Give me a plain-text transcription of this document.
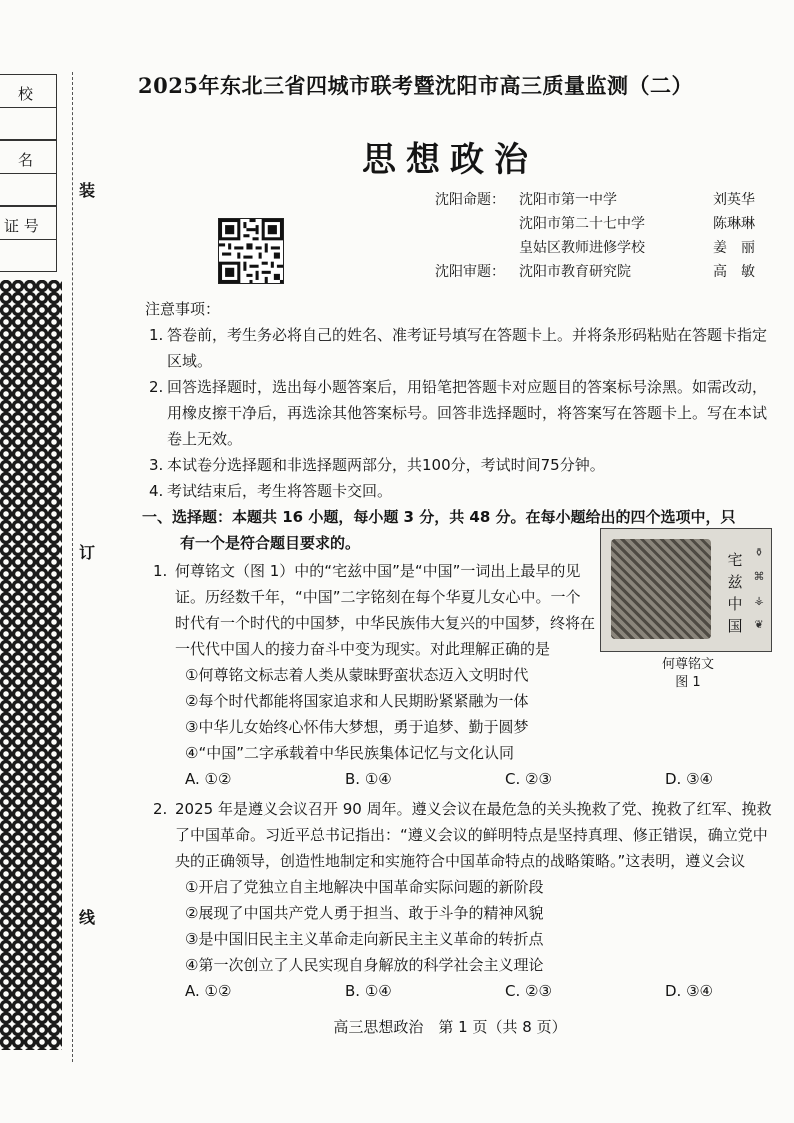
校
名
证 号
装
订
线
2025年东北三省四城市联考暨沈阳市高三质量监测（二）
思想政治
沈阳命题： 沈阳市第一中学	刘英华
沈阳市第二十七中学	陈琳琳
皇姑区教师进修学校	姜　丽
沈阳审题： 沈阳市教育研究院	高　敏
注意事项：
1. 答卷前，考生务必将自己的姓名、准考证号填写在答题卡上。并将条形码粘贴在答题卡指定区域。
2. 回答选择题时，选出每小题答案后，用铅笔把答题卡对应题目的答案标号涂黑。如需改动，用橡皮擦干净后，再选涂其他答案标号。回答非选择题时，将答案写在答题卡上。写在本试卷上无效。
3. 本试卷分选择题和非选择题两部分，共100分，考试时间75分钟。
4. 考试结束后，考生将答题卡交回。
一、选择题：本题共 16 小题，每小题 3 分，共 48 分。在每小题给出的四个选项中，只
有一个是符合题目要求的。
1. 何尊铭文（图 1）中的“宅兹中国”是“中国”一词出上最早的见证。历经数千年，“中国”二字铭刻在每个华夏儿女心中。一个时代有一个时代的中国梦，中华民族伟大复兴的中国梦，终将在一代代中国人的接力奋斗中变为现实。对此理解正确的是
①何尊铭文标志着人类从蒙昧野蛮状态迈入文明时代
②每个时代都能将国家追求和人民期盼紧紧融为一体
③中华儿女始终心怀伟大梦想，勇于追梦、勤于圆梦
④“中国”二字承载着中华民族集体记忆与文化认同
A. ①②	B. ①④	C. ②③	D. ③④
2. 2025 年是遵义会议召开 90 周年。遵义会议在最危急的关头挽救了党、挽救了红军、挽救了中国革命。习近平总书记指出：“遵义会议的鲜明特点是坚持真理、修正错误，确立党中央的正确领导，创造性地制定和实施符合中国革命特点的战略策略。”这表明，遵义会议
①开启了党独立自主地解决中国革命实际问题的新阶段
②展现了中国共产党人勇于担当、敢于斗争的精神风貌
③是中国旧民主主义革命走向新民主主义革命的转折点
④第一次创立了人民实现自身解放的科学社会主义理论
A. ①②	B. ①④	C. ②③	D. ③④
宅兹中国
⚱
⌘
⚶
❦
何尊铭文
图 1
高三思想政治　第 1 页（共 8 页）
